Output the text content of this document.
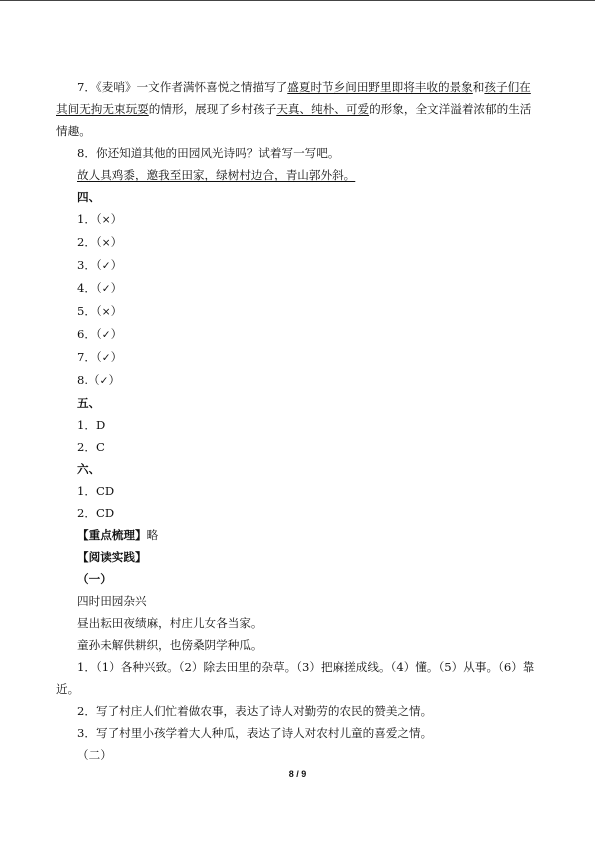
7．《麦哨》一文作者满怀喜悦之情描写了盛夏时节乡间田野里即将丰收的景象和孩子们在其间无拘无束玩耍的情形，展现了乡村孩子天真、纯朴、可爱的形象，全文洋溢着浓郁的生活情趣。

8．你还知道其他的田园风光诗吗？试着写一写吧。

故人具鸡黍，邀我至田家，绿树村边合，青山郭外斜。

四、

1．（×）

2．（×）

3．（✓）

4．（✓）

5．（×）

6．（✓）

7．（✓）

8.（✓）

五、

1．D

2．C

六、

1．CD

2．CD

【重点梳理】略

【阅读实践】

（一）

四时田园杂兴

昼出耘田夜绩麻，村庄儿女各当家。

童孙未解供耕织，也傍桑阴学种瓜。

1．（1）各种兴致。（2）除去田里的杂草。（3）把麻搓成线。（4）懂。（5）从事。（6）靠近。

2．写了村庄人们忙着做农事，表达了诗人对勤劳的农民的赞美之情。

3．写了村里小孩学着大人种瓜，表达了诗人对农村儿童的喜爱之情。

（二）

8 / 9
